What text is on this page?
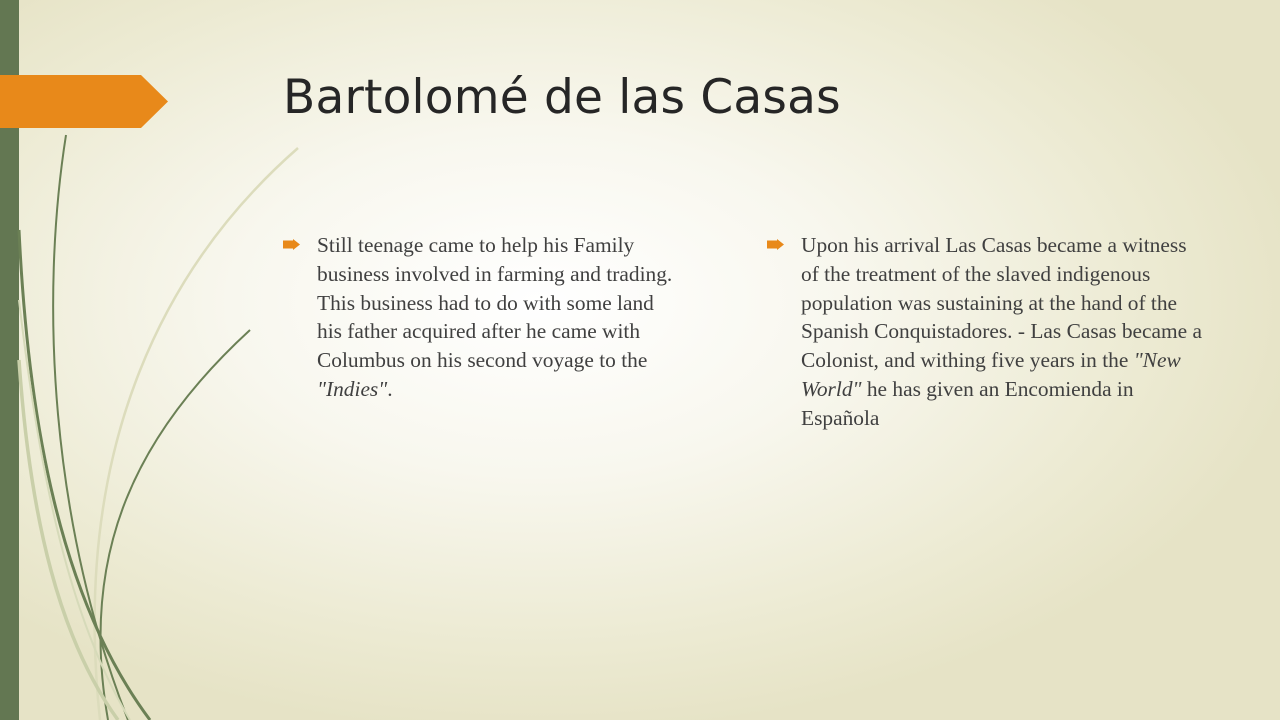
Bartolomé de las Casas

Still teenage came to help his Family business involved in farming and trading. This business had to do with some land his father acquired after he came with Columbus on his second voyage to the "Indies".

Upon his arrival Las Casas became a witness of the treatment of the slaved indigenous population was sustaining at the hand of the Spanish Conquistadores. - Las Casas became a Colonist, and withing five years in the "New World" he has given an Encomienda in Española
